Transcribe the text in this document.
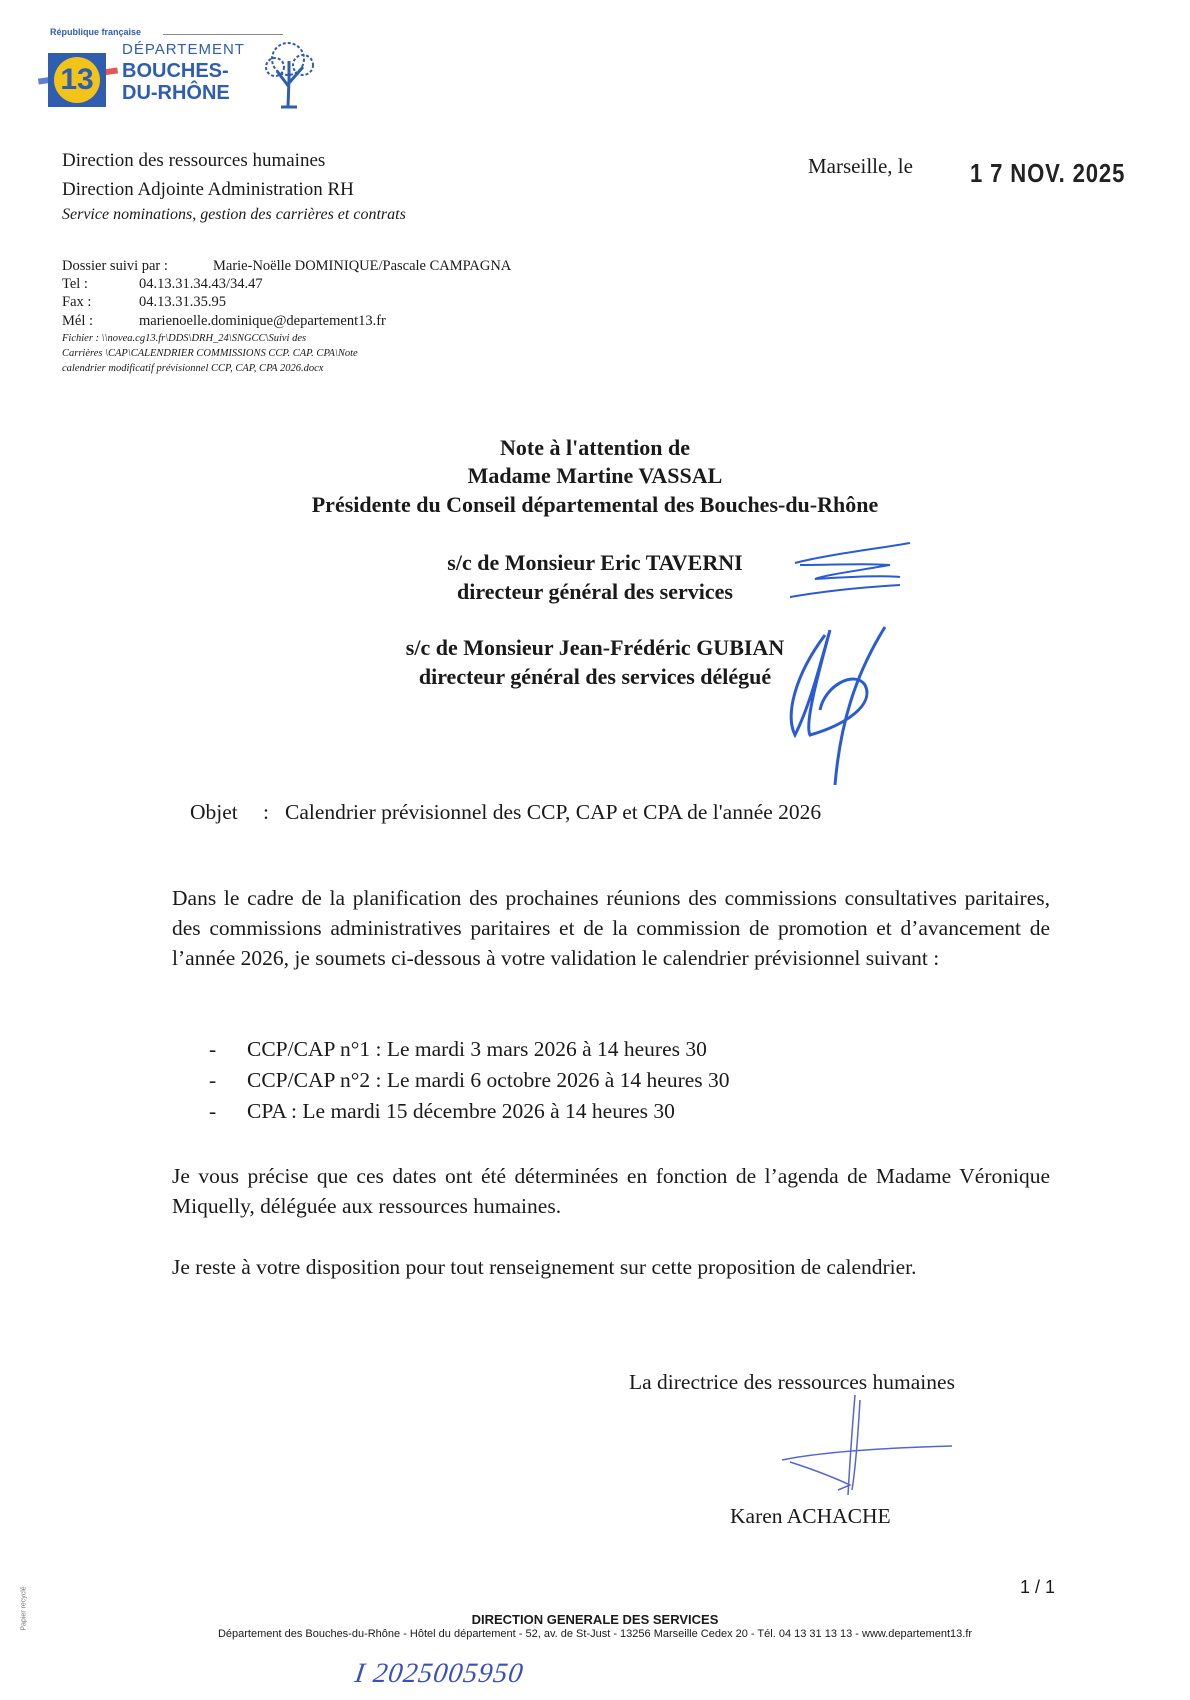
République française
13
DÉPARTEMENT
BOUCHES-
DU-RHÔNE
Direction des ressources humaines
Direction Adjointe Administration RH
Service nominations, gestion des carrières et contrats
Marseille, le 1 7 NOV. 2025
Dossier suivi par :	Marie-Noëlle DOMINIQUE/Pascale CAMPAGNA
Tel :	04.13.31.34.43/34.47
Fax :	04.13.31.35.95
Mél :	marienoelle.dominique@departement13.fr
Fichier : \\novea.cg13.fr\DDS\DRH_24\SNGCC\Suivi des
Carrières \CAP\CALENDRIER COMMISSIONS CCP. CAP. CPA\Note
calendrier modificatif prévisionnel CCP, CAP, CPA 2026.docx
Note à l'attention de
Madame Martine VASSAL
Présidente du Conseil départemental des Bouches-du-Rhône
s/c de Monsieur Eric TAVERNI
directeur général des services
s/c de Monsieur Jean-Frédéric GUBIAN
directeur général des services délégué
Objet : Calendrier prévisionnel des CCP, CAP et CPA de l'année 2026
Dans le cadre de la planification des prochaines réunions des commissions consultatives paritaires, des commissions administratives paritaires et de la commission de promotion et d’avancement de l’année 2026, je soumets ci-dessous à votre validation le calendrier prévisionnel suivant :
- CCP/CAP n°1 : Le mardi 3 mars 2026 à 14 heures 30
- CCP/CAP n°2 : Le mardi 6 octobre 2026 à 14 heures 30
- CPA : Le mardi 15 décembre 2026 à 14 heures 30
Je vous précise que ces dates ont été déterminées en fonction de l’agenda de Madame Véronique Miquelly, déléguée aux ressources humaines.
Je reste à votre disposition pour tout renseignement sur cette proposition de calendrier.
La directrice des ressources humaines
Karen ACHACHE
1 / 1
DIRECTION GENERALE DES SERVICES
Département des Bouches-du-Rhône - Hôtel du département - 52, av. de St-Just - 13256 Marseille Cedex 20 - Tél. 04 13 31 13 13 - www.departement13.fr
Papier recyclé
I 2025005950
